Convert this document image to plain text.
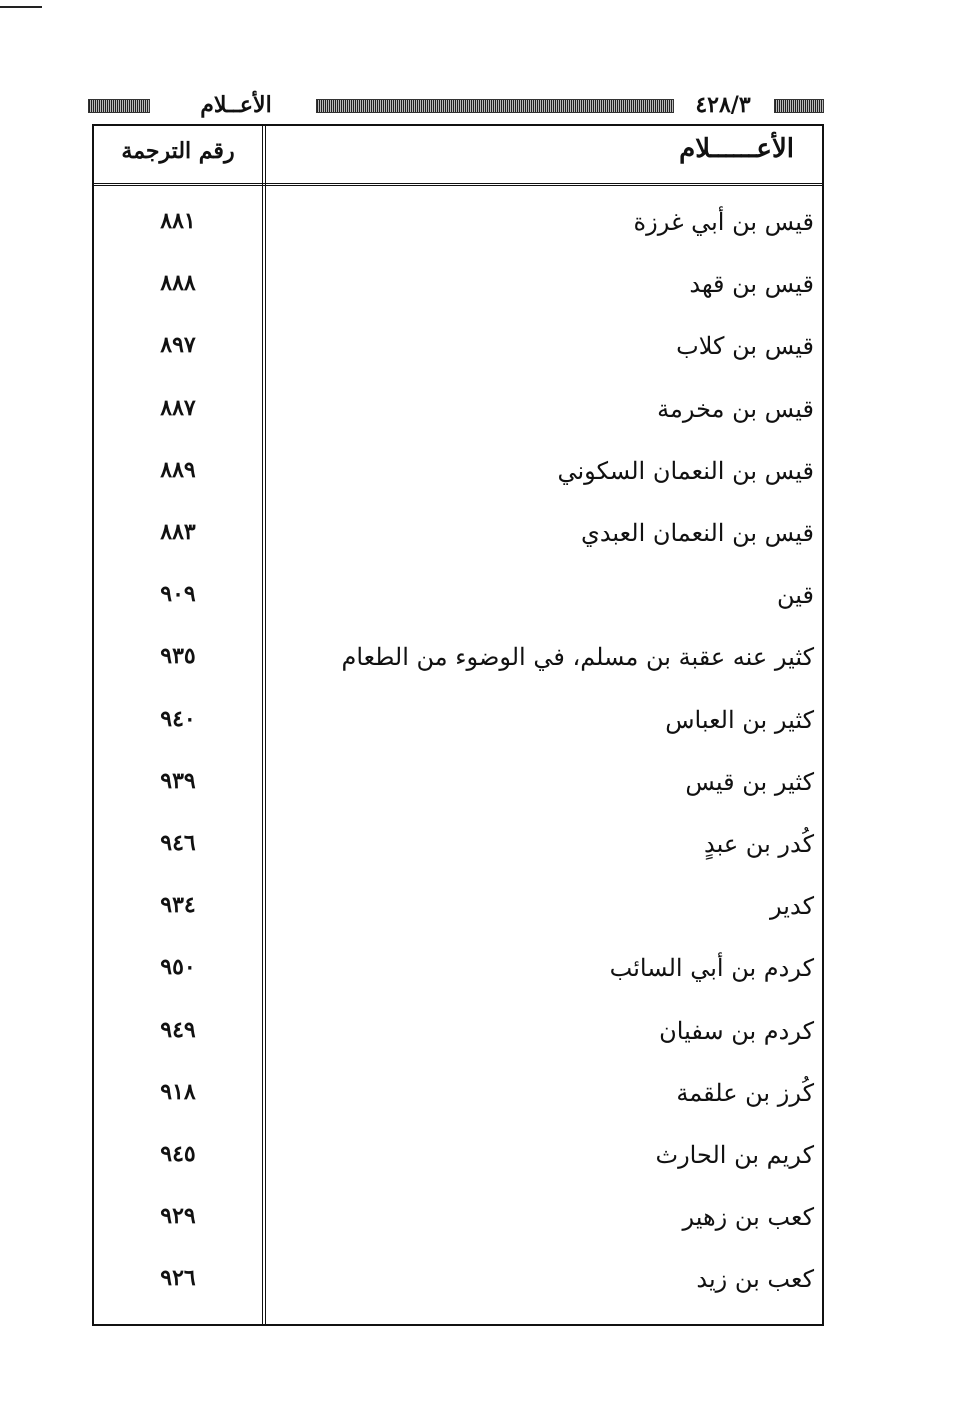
الأعــلام	٤٢٨/٣
رقم الترجمة	الأعــــــلام
قيس بن أبي غرزة
٨٨١
قيس بن قهد
٨٨٨
قيس بن كلاب
٨٩٧
قيس بن مخرمة
٨٨٧
قيس بن النعمان السكوني
٨٨٩
قيس بن النعمان العبدي
٨٨٣
قين
٩٠٩
كثير عنه عقبة بن مسلم، في الوضوء من الطعام
٩٣٥
كثير بن العباس
٩٤٠
كثير بن قيس
٩٣٩
كُدر بن عبدٍ
٩٤٦
كدير
٩٣٤
كردم بن أبي السائب
٩٥٠
كردم بن سفيان
٩٤٩
كُرز بن علقمة
٩١٨
كريم بن الحارث
٩٤٥
كعب بن زهير
٩٢٩
كعب بن زيد
٩٢٦
